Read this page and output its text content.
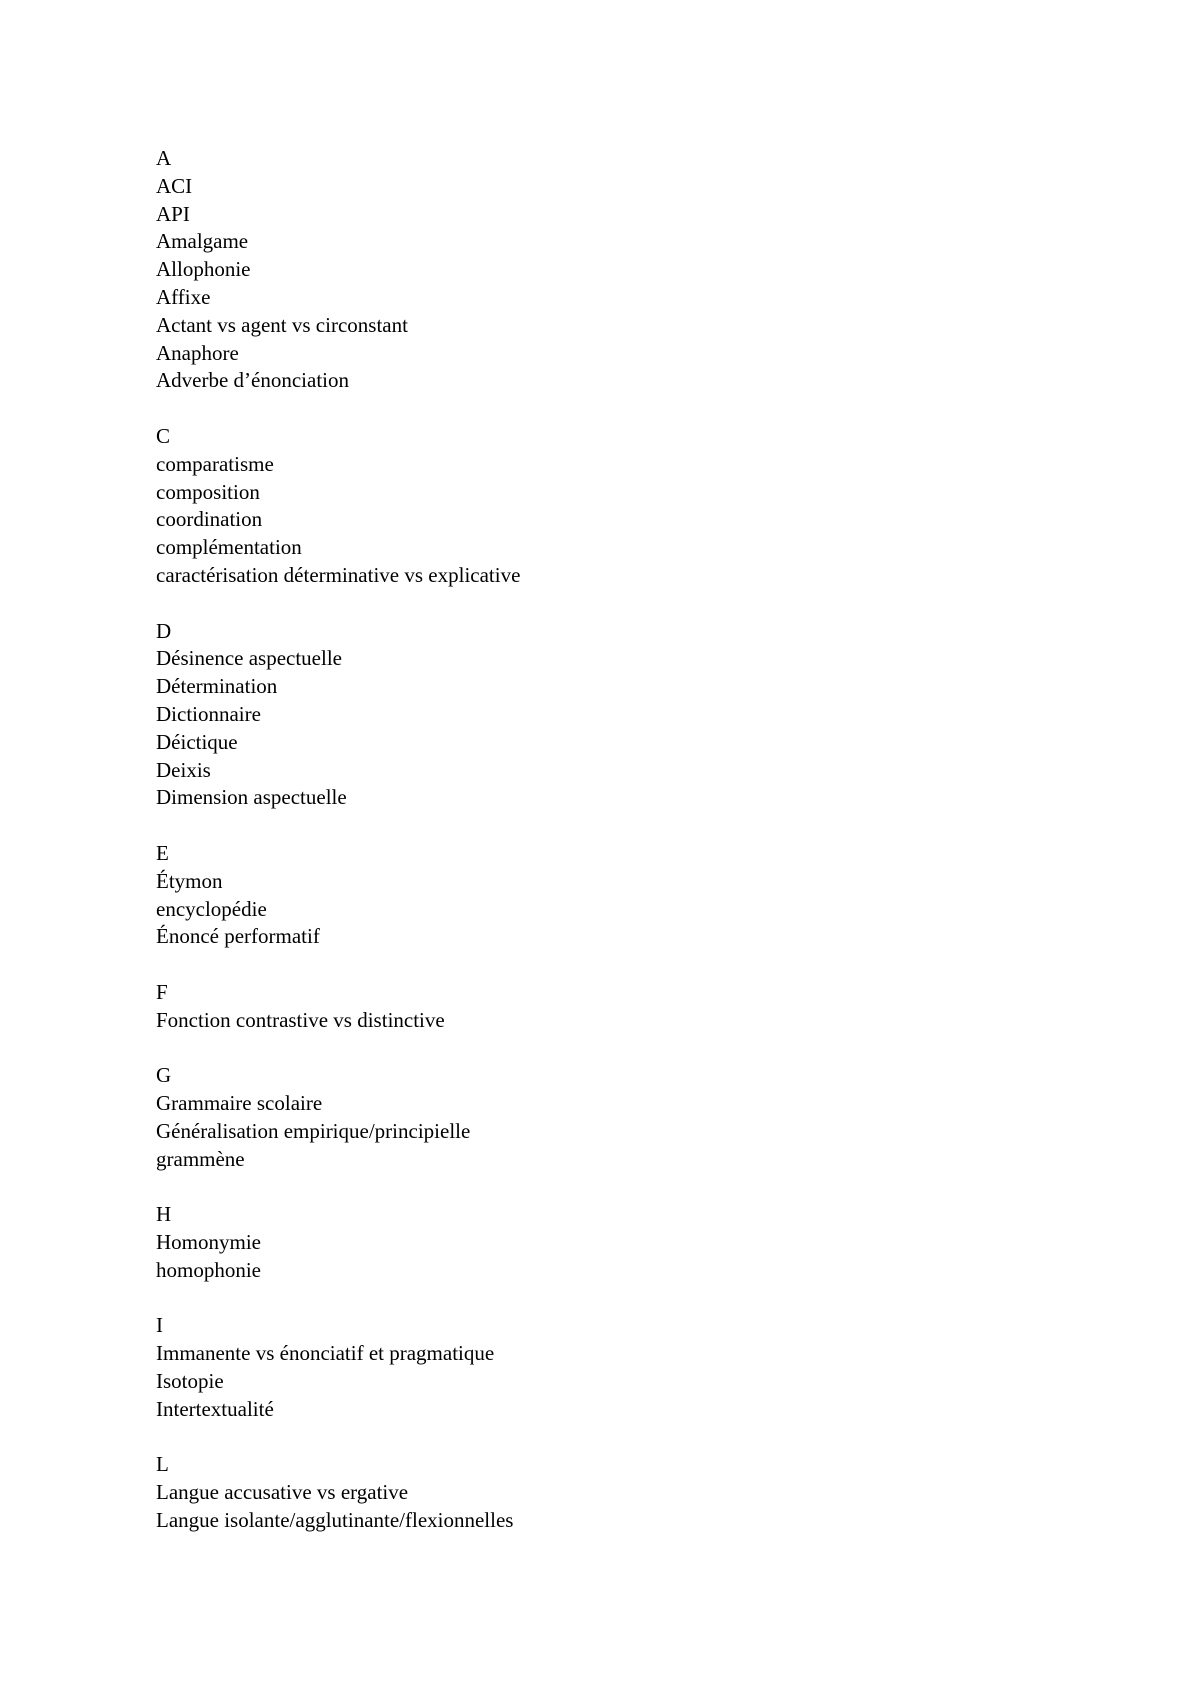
A
ACI
API
Amalgame
Allophonie
Affixe
Actant vs agent vs circonstant
Anaphore
Adverbe d’énonciation
C
comparatisme
composition
coordination
complémentation
caractérisation déterminative vs explicative
D
Désinence aspectuelle
Détermination
Dictionnaire
Déictique
Deixis
Dimension aspectuelle
E
Étymon
encyclopédie
Énoncé performatif
F
Fonction contrastive vs distinctive
G
Grammaire scolaire
Généralisation empirique/principielle
grammène
H
Homonymie
homophonie
I
Immanente vs énonciatif et pragmatique
Isotopie
Intertextualité
L
Langue accusative vs ergative
Langue isolante/agglutinante/flexionnelles
